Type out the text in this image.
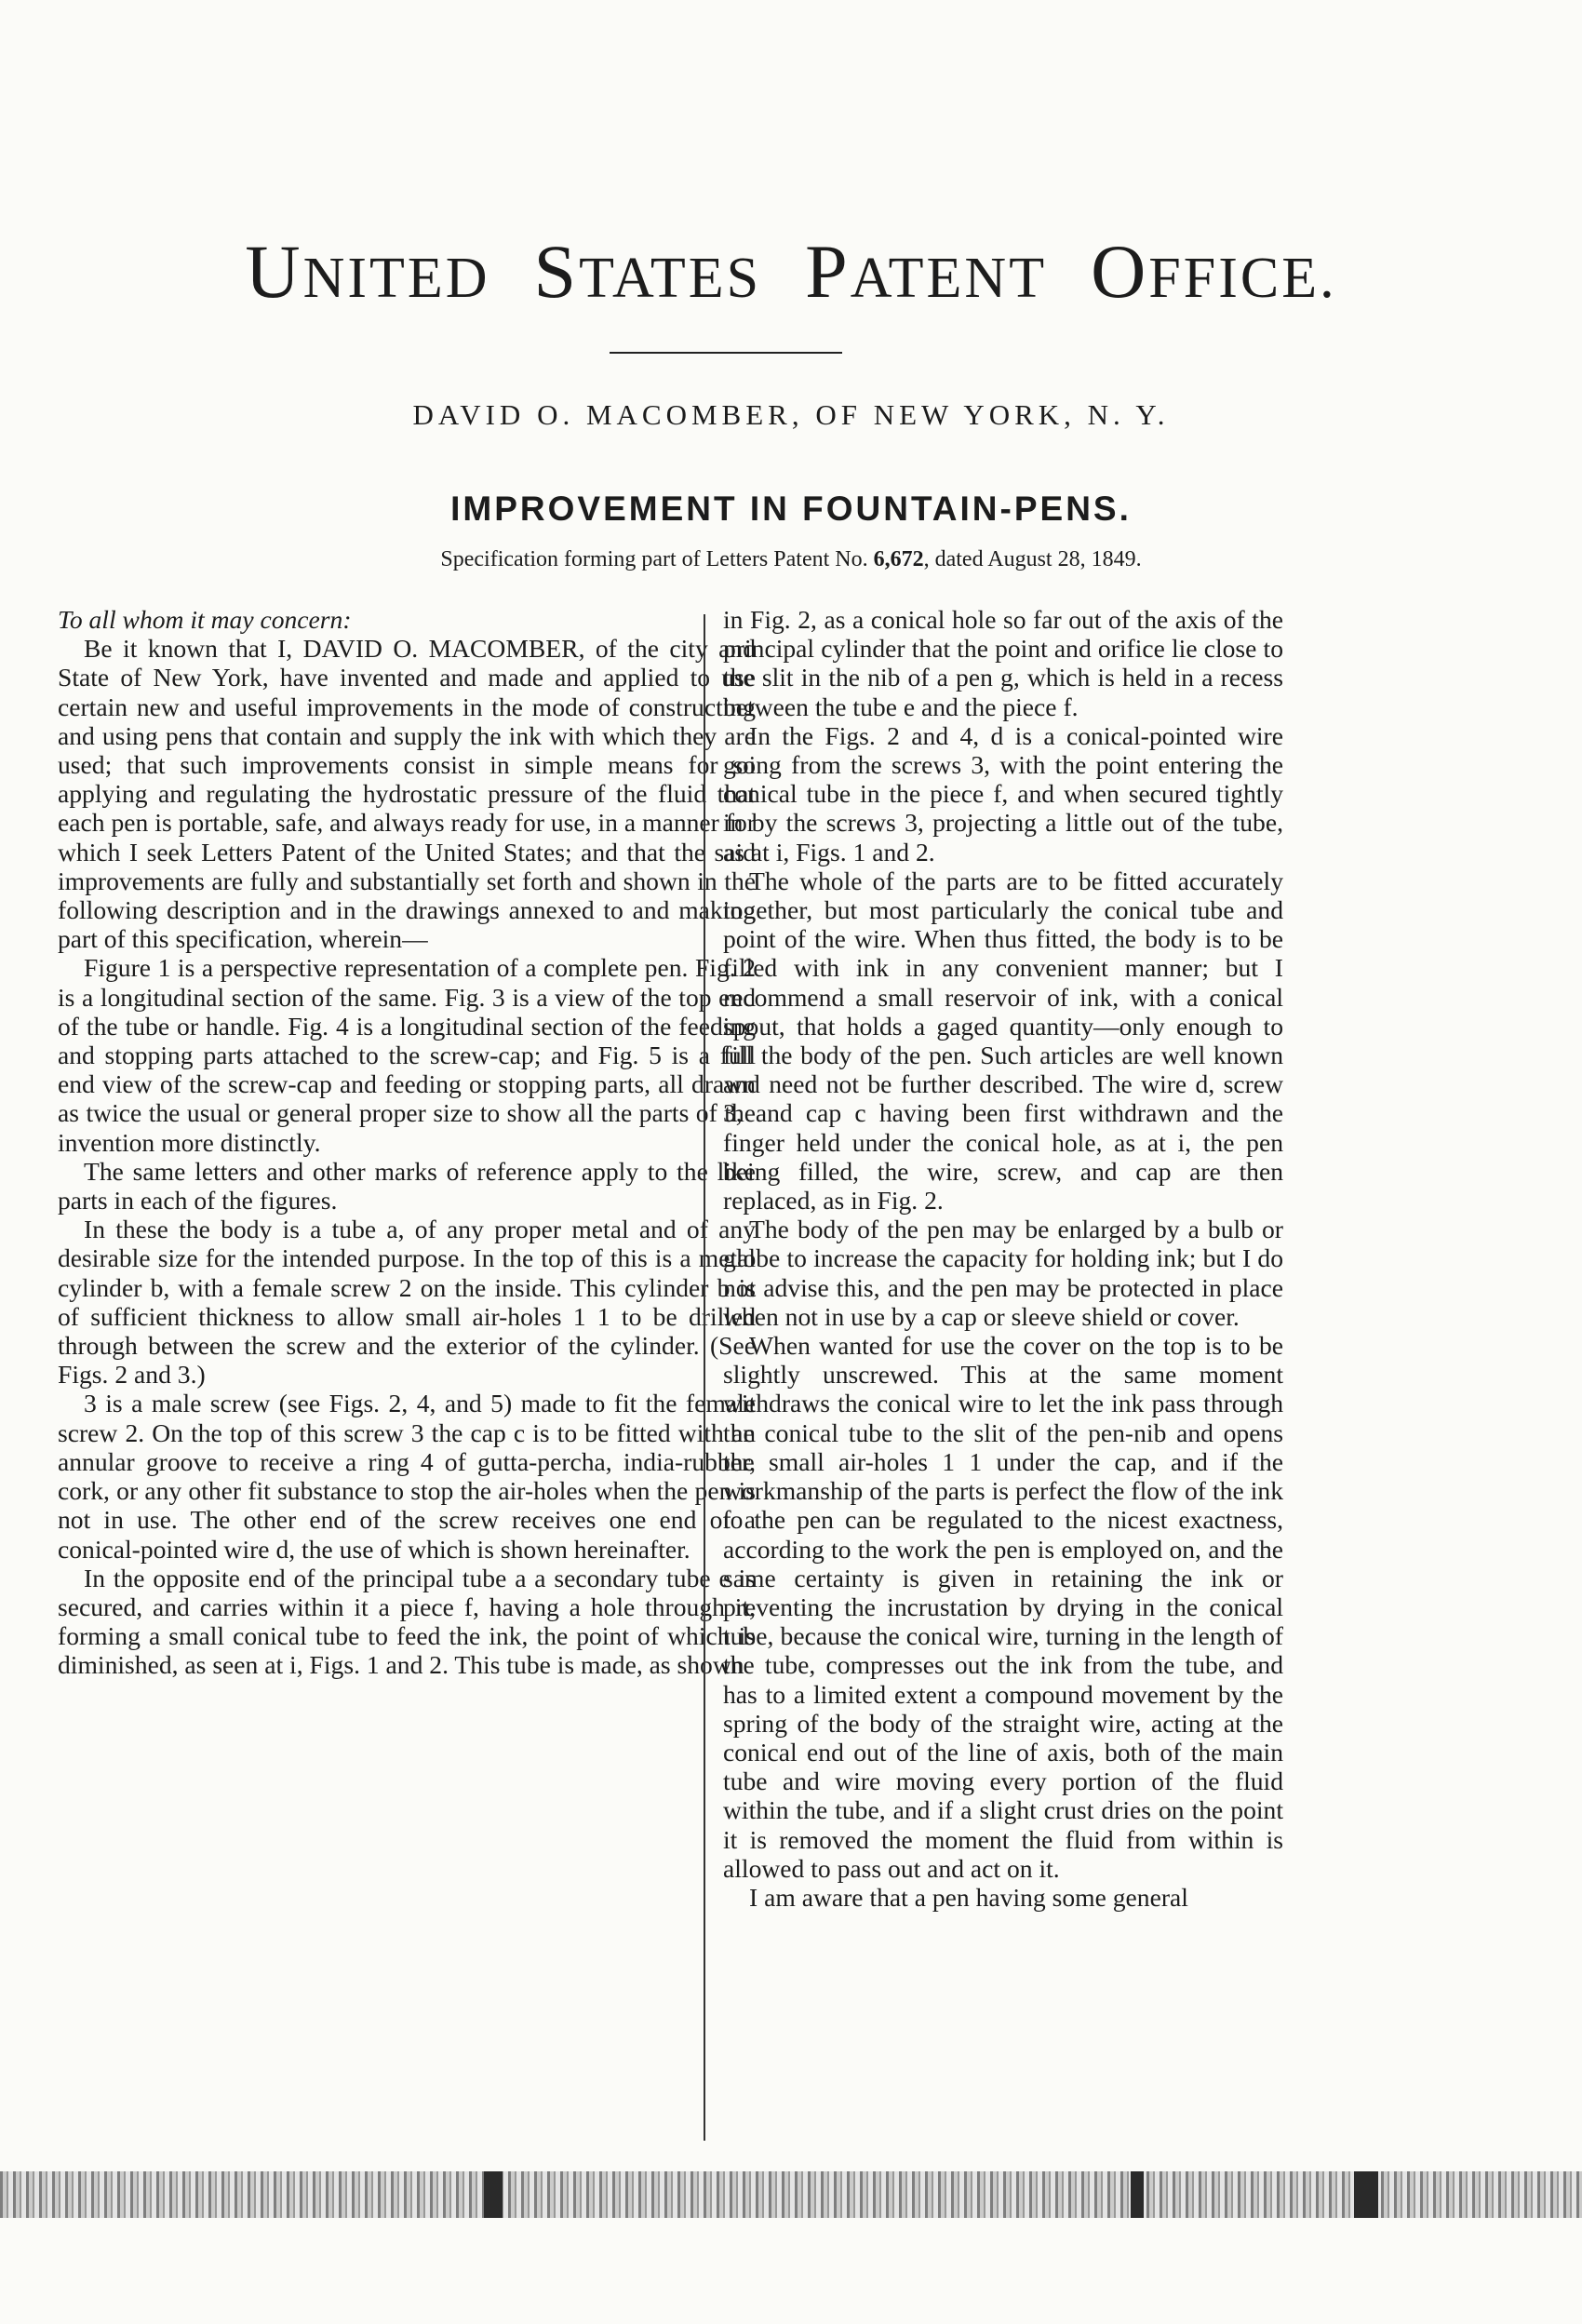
UNITED STATES PATENT OFFICE.
DAVID O. MACOMBER, OF NEW YORK, N. Y.
IMPROVEMENT IN FOUNTAIN-PENS.
Specification forming part of Letters Patent No. 6,672, dated August 28, 1849.

To all whom it may concern:

Be it known that I, DAVID O. MACOMBER, of the city and State of New York, have invented and made and applied to use certain new and useful improvements in the mode of constructing and using pens that contain and supply the ink with which they are used; that such improvements consist in simple means for so applying and regulating the hydrostatic pressure of the fluid that each pen is portable, safe, and always ready for use, in a manner for which I seek Letters Patent of the United States; and that the said improvements are fully and substantially set forth and shown in the following description and in the drawings annexed to and making part of this specification, wherein—

Figure 1 is a perspective representation of a complete pen. Fig. 2 is a longitudinal section of the same. Fig. 3 is a view of the top end of the tube or handle. Fig. 4 is a longitudinal section of the feeding and stopping parts attached to the screw-cap; and Fig. 5 is a full end view of the screw-cap and feeding or stopping parts, all drawn as twice the usual or general proper size to show all the parts of the invention more distinctly.

The same letters and other marks of reference apply to the like parts in each of the figures.

In these the body is a tube a, of any proper metal and of any desirable size for the intended purpose. In the top of this is a metal cylinder b, with a female screw 2 on the inside. This cylinder b is of sufficient thickness to allow small air-holes 1 1 to be drilled through between the screw and the exterior of the cylinder. (See Figs. 2 and 3.)

3 is a male screw (see Figs. 2, 4, and 5) made to fit the female screw 2. On the top of this screw 3 the cap c is to be fitted with an annular groove to receive a ring 4 of gutta-percha, india-rubber, cork, or any other fit substance to stop the air-holes when the pen is not in use. The other end of the screw receives one end of a conical-pointed wire d, the use of which is shown hereinafter.

In the opposite end of the principal tube a a secondary tube e is secured, and carries within it a piece f, having a hole through it, forming a small conical tube to feed the ink, the point of which is diminished, as seen at i, Figs. 1 and 2. This tube is made, as shown

in Fig. 2, as a conical hole so far out of the axis of the principal cylinder that the point and orifice lie close to the slit in the nib of a pen g, which is held in a recess between the tube e and the piece f.

In the Figs. 2 and 4, d is a conical-pointed wire going from the screws 3, with the point entering the conical tube in the piece f, and when secured tightly in by the screws 3, projecting a little out of the tube, as at i, Figs. 1 and 2.

The whole of the parts are to be fitted accurately together, but most particularly the conical tube and point of the wire. When thus fitted, the body is to be filled with ink in any convenient manner; but I recommend a small reservoir of ink, with a conical spout, that holds a gaged quantity—only enough to fill the body of the pen. Such articles are well known and need not be further described. The wire d, screw 3, and cap c having been first withdrawn and the finger held under the conical hole, as at i, the pen being filled, the wire, screw, and cap are then replaced, as in Fig. 2.

The body of the pen may be enlarged by a bulb or globe to increase the capacity for holding ink; but I do not advise this, and the pen may be protected in place when not in use by a cap or sleeve shield or cover.

When wanted for use the cover on the top is to be slightly unscrewed. This at the same moment withdraws the conical wire to let the ink pass through the conical tube to the slit of the pen-nib and opens the small air-holes 1 1 under the cap, and if the workmanship of the parts is perfect the flow of the ink to the pen can be regulated to the nicest exactness, according to the work the pen is employed on, and the same certainty is given in retaining the ink or preventing the incrustation by drying in the conical tube, because the conical wire, turning in the length of the tube, compresses out the ink from the tube, and has to a limited extent a compound movement by the spring of the body of the straight wire, acting at the conical end out of the line of axis, both of the main tube and wire moving every portion of the fluid within the tube, and if a slight crust dries on the point it is removed the moment the fluid from within is allowed to pass out and act on it.

I am aware that a pen having some general
